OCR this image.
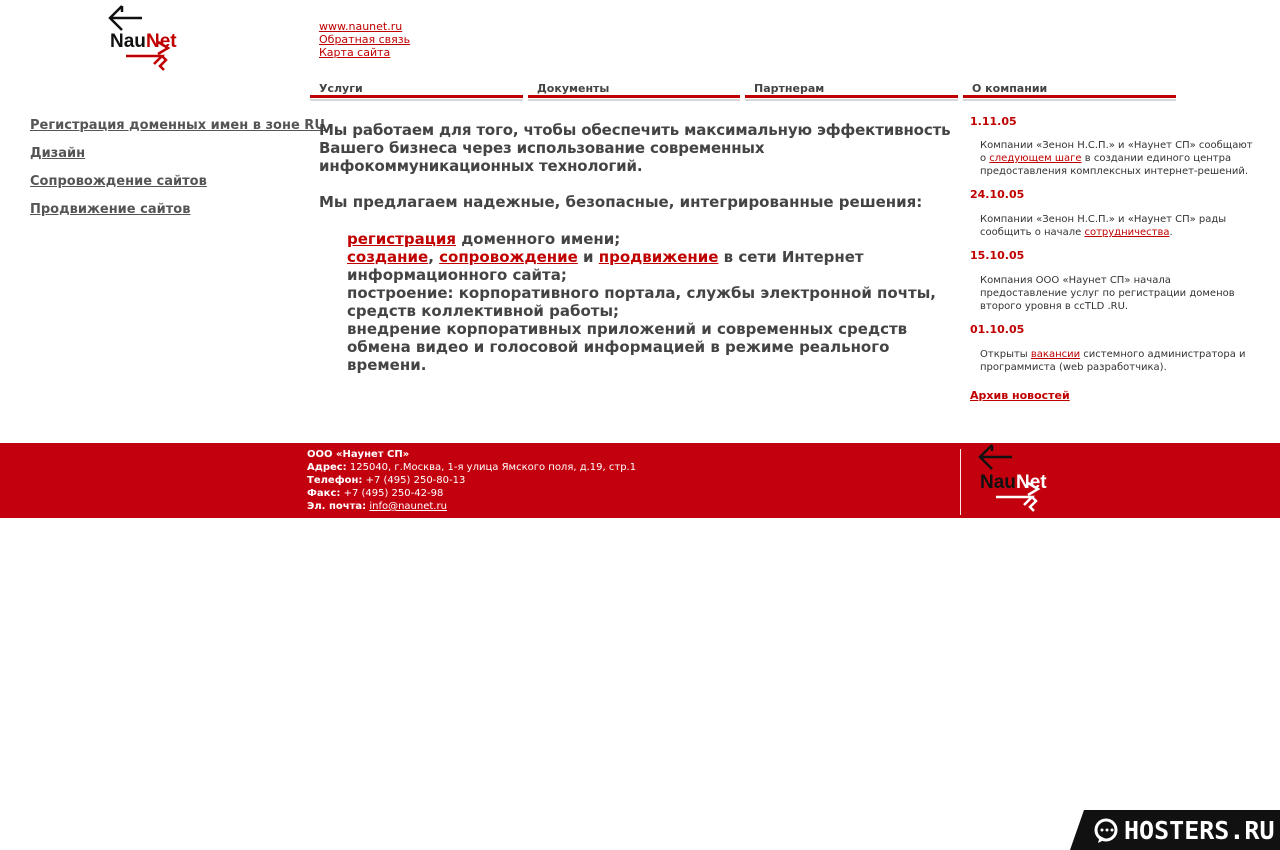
Nau Net
www.naunet.ru
Обратная связь
Карта сайта
Услуги	Документы	Партнерам	О компании
Регистрация доменных имен в зоне RU
Дизайн
Сопровождение сайтов
Продвижение сайтов

Мы работаем для того, чтобы обеспечить максимальную эффективность Вашего бизнеса через использование современных инфокоммуникационных технологий.

Мы предлагаем надежные, безопасные, интегрированные решения:

регистрация доменного имени;
создание, сопровождение и продвижение в сети Интернет информационного сайта;
построение: корпоративного портала, службы электронной почты, средств коллективной работы;
внедрение корпоративных приложений и современных средств обмена видео и голосовой информацией в режиме реального времени.

1.11.05

Компании «Зенон Н.С.П.» и «Наунет СП» сообщают о следующем шаге в создании единого центра предоставления комплексных интернет-решений.

24.10.05

Компании «Зенон Н.С.П.» и «Наунет СП» рады сообщить о начале сотрудничества.

15.10.05

Компания ООО «Наунет СП» начала предоставление услуг по регистрации доменов второго уровня в ccTLD .RU.

01.10.05

Открыты вакансии системного администратора и программиста (web разработчика).

Архив новостей
ООО «Наунет СП»
Адрес: 125040, г.Москва, 1-я улица Ямского поля, д.19, стр.1
Телефон: +7 (495) 250-80-13
Факс: +7 (495) 250-42-98
Эл. почта: info@naunet.ru
Nau Net
HOSTERS.RU
